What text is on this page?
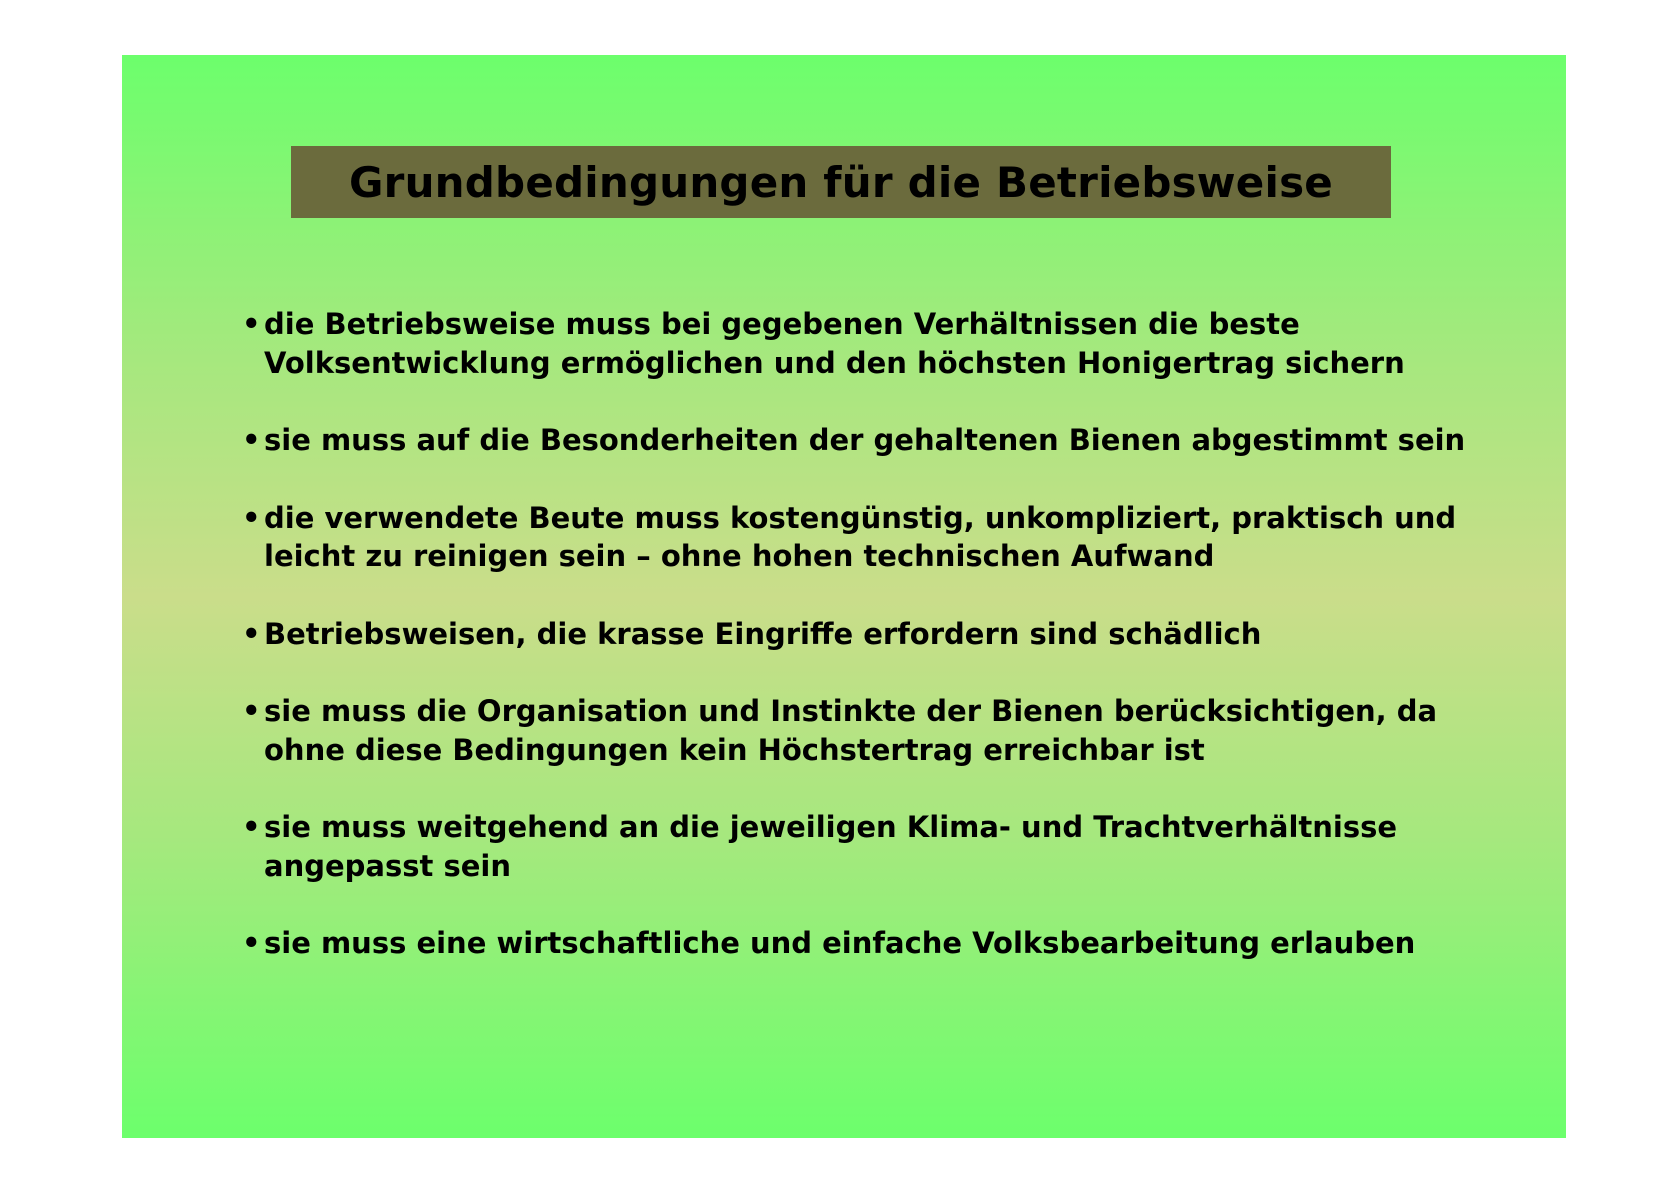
Grundbedingungen für die Betriebsweise
• die Betriebsweise muss bei gegebenen Verhältnissen die beste Volksentwicklung ermöglichen und den höchsten Honigertrag sichern
• sie muss auf die Besonderheiten der gehaltenen Bienen abgestimmt sein
• die verwendete Beute muss kostengünstig, unkompliziert, praktisch und leicht zu reinigen sein – ohne hohen technischen Aufwand
• Betriebsweisen, die krasse Eingriffe erfordern sind schädlich
• sie muss die Organisation und Instinkte der Bienen berücksichtigen, da ohne diese Bedingungen kein Höchstertrag erreichbar ist
• sie muss weitgehend an die jeweiligen Klima- und Trachtverhältnisse angepasst sein
• sie muss eine wirtschaftliche und einfache Volksbearbeitung erlauben
